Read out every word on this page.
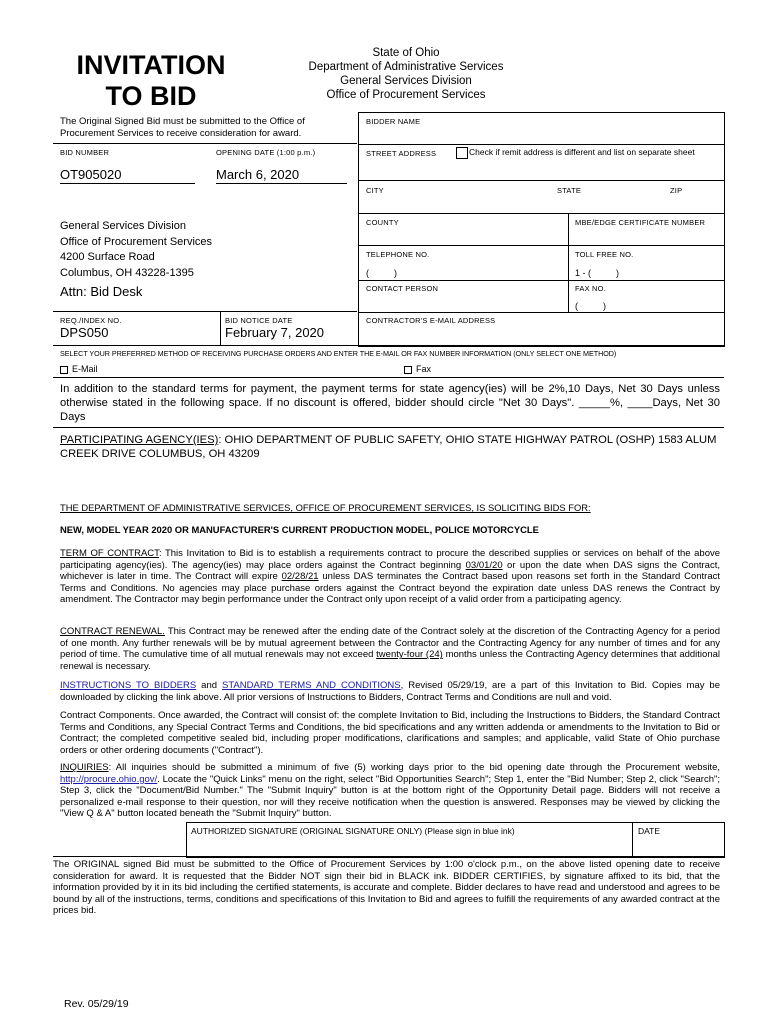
INVITATION
TO BID
State of Ohio
Department of Administrative Services
General Services Division
Office of Procurement Services
The Original Signed Bid must be submitted to the Office of Procurement Services to receive consideration for award.
BID NUMBER	OPENING DATE (1:00 p.m.)
OT905020	March 6, 2020
General Services Division
Office of Procurement Services
4200 Surface Road
Columbus, OH 43228-1395
Attn: Bid Desk
REQ./INDEX NO.
DPS050
BID NOTICE DATE
February 7, 2020
BIDDER NAME
STREET ADDRESS	Check if remit address is different and list on separate sheet
CITY	STATE	ZIP
COUNTY	MBE/EDGE CERTIFICATE NUMBER
TELEPHONE NO.
(          )
TOLL FREE NO.
1 - (          )
CONTACT PERSON	FAX NO.
(          )
CONTRACTOR'S E-MAIL ADDRESS
SELECT YOUR PREFERRED METHOD OF RECEIVING PURCHASE ORDERS AND ENTER THE E-MAIL OR FAX NUMBER INFORMATION (ONLY SELECT ONE METHOD)
E-Mail	Fax
In addition to the standard terms for payment, the payment terms for state agency(ies) will be 2%,10 Days, Net 30 Days unless otherwise stated in the following space. If no discount is offered, bidder should circle "Net 30 Days". _____%, ____Days, Net 30 Days
PARTICIPATING AGENCY(IES): OHIO DEPARTMENT OF PUBLIC SAFETY, OHIO STATE HIGHWAY PATROL (OSHP) 1583 ALUM CREEK DRIVE COLUMBUS, OH 43209
THE DEPARTMENT OF ADMINISTRATIVE SERVICES, OFFICE OF PROCUREMENT SERVICES, IS SOLICITING BIDS FOR:
NEW, MODEL YEAR 2020 OR MANUFACTURER'S CURRENT PRODUCTION MODEL, POLICE MOTORCYCLE
TERM OF CONTRACT: This Invitation to Bid is to establish a requirements contract to procure the described supplies or services on behalf of the above participating agency(ies). The agency(ies) may place orders against the Contract beginning 03/01/20 or upon the date when DAS signs the Contract, whichever is later in time. The Contract will expire 02/28/21 unless DAS terminates the Contract based upon reasons set forth in the Standard Contract Terms and Conditions. No agencies may place purchase orders against the Contract beyond the expiration date unless DAS renews the Contract by amendment. The Contractor may begin performance under the Contract only upon receipt of a valid order from a participating agency.
CONTRACT RENEWAL. This Contract may be renewed after the ending date of the Contract solely at the discretion of the Contracting Agency for a period of one month. Any further renewals will be by mutual agreement between the Contractor and the Contracting Agency for any number of times and for any period of time. The cumulative time of all mutual renewals may not exceed twenty-four (24) months unless the Contracting Agency determines that additional renewal is necessary.
INSTRUCTIONS TO BIDDERS and STANDARD TERMS AND CONDITIONS, Revised 05/29/19, are a part of this Invitation to Bid. Copies may be downloaded by clicking the link above. All prior versions of Instructions to Bidders, Contract Terms and Conditions are null and void.
Contract Components. Once awarded, the Contract will consist of: the complete Invitation to Bid, including the Instructions to Bidders, the Standard Contract Terms and Conditions, any Special Contract Terms and Conditions, the bid specifications and any written addenda or amendments to the Invitation to Bid or Contract; the completed competitive sealed bid, including proper modifications, clarifications and samples; and applicable, valid State of Ohio purchase orders or other ordering documents ("Contract").
INQUIRIES: All inquiries should be submitted a minimum of five (5) working days prior to the bid opening date through the Procurement website, http://procure.ohio.gov/. Locate the "Quick Links" menu on the right, select "Bid Opportunities Search"; Step 1, enter the "Bid Number; Step 2, click "Search"; Step 3, click the "Document/Bid Number." The "Submit Inquiry" button is at the bottom right of the Opportunity Detail page. Bidders will not receive a personalized e-mail response to their question, nor will they receive notification when the question is answered. Responses may be viewed by clicking the "View Q & A" button located beneath the "Submit Inquiry" button.
AUTHORIZED SIGNATURE (ORIGINAL SIGNATURE ONLY) (Please sign in blue ink)	DATE
The ORIGINAL signed Bid must be submitted to the Office of Procurement Services by 1:00 o'clock p.m., on the above listed opening date to receive consideration for award. It is requested that the Bidder NOT sign their bid in BLACK ink. BIDDER CERTIFIES, by signature affixed to its bid, that the information provided by it in its bid including the certified statements, is accurate and complete. Bidder declares to have read and understood and agrees to be bound by all of the instructions, terms, conditions and specifications of this Invitation to Bid and agrees to fulfill the requirements of any awarded contract at the prices bid.
Rev. 05/29/19
